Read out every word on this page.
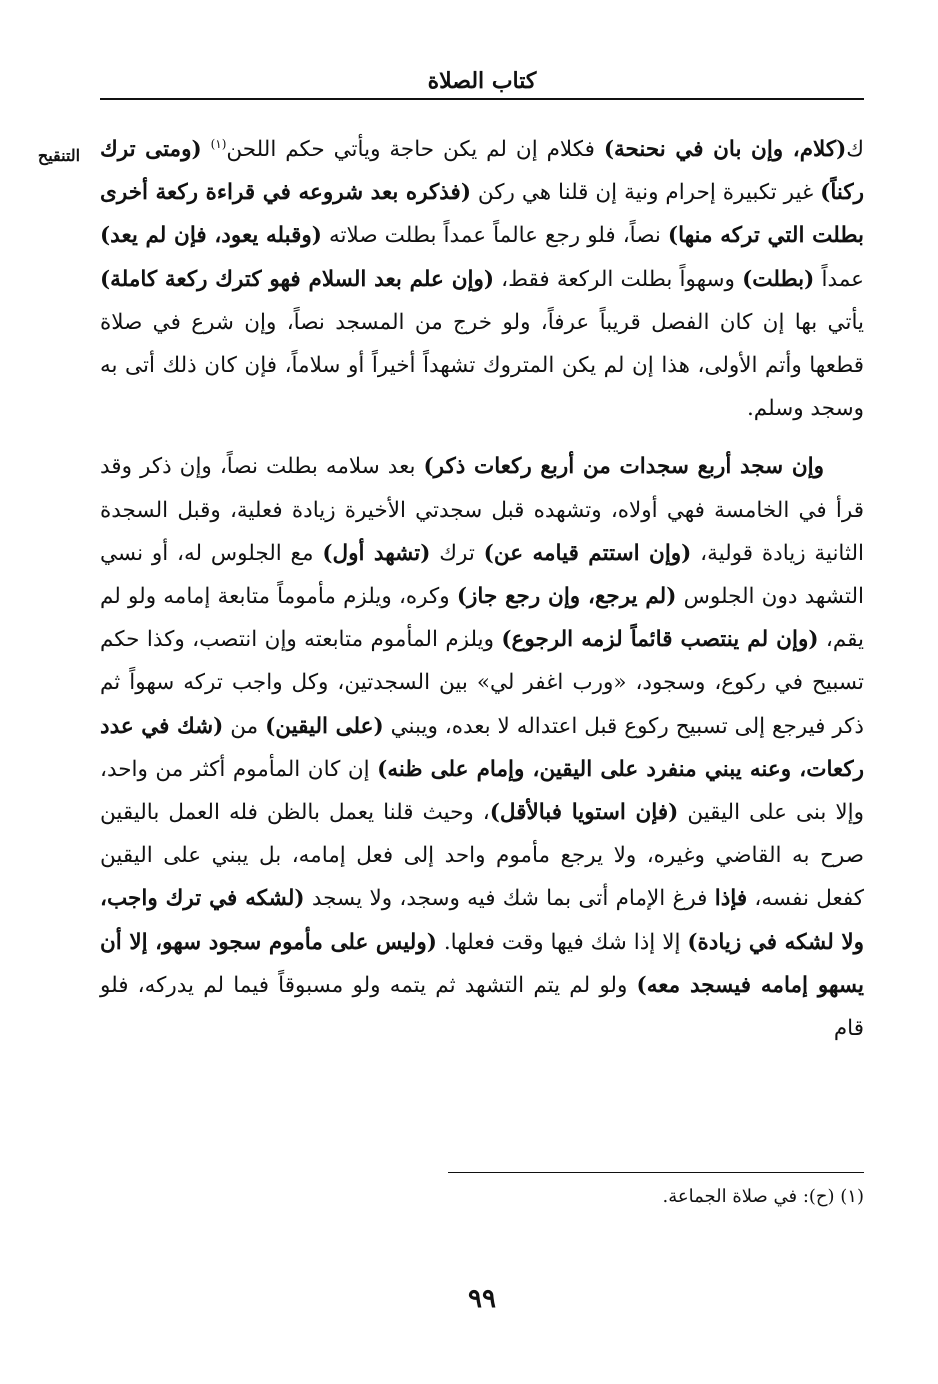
كتاب الصلاة
التنقيح	ك(كلام، وإن بان في نحنحة) فكلام إن لم يكن حاجة ويأتي حكم اللحن$^{(١)}$ (ومتى ترك ركناً) غير تكبيرة إحرام ونية إن قلنا هي ركن (فذكره بعد شروعه في قراءة ركعة أخرى بطلت التي تركه منها) نصاً، فلو رجع عالماً عمداً بطلت صلاته (وقبله يعود، فإن لم يعد) عمداً (بطلت) وسهواً بطلت الركعة فقط، (وإن علم بعد السلام فهو كترك ركعة كاملة) يأتي بها إن كان الفصل قريباً عرفاً، ولو خرج من المسجد نصاً، وإن شرع في صلاة قطعها وأتم الأولى، هذا إن لم يكن المتروك تشهداً أخيراً أو سلاماً، فإن كان ذلك أتى به وسجد وسلم.

وإن سجد أربع سجدات من أربع ركعات ذكر) بعد سلامه بطلت نصاً، وإن ذكر وقد قرأ في الخامسة فهي أولاه، وتشهده قبل سجدتي الأخيرة زيادة فعلية، وقبل السجدة الثانية زيادة قولية، (وإن استتم قيامه عن) ترك (تشهد أول) مع الجلوس له، أو نسي التشهد دون الجلوس (لم يرجع، وإن رجع جاز) وكره، ويلزم مأموماً متابعة إمامه ولو لم يقم، (وإن لم ينتصب قائماً لزمه الرجوع) ويلزم المأموم متابعته وإن انتصب، وكذا حكم تسبيح في ركوع، وسجود، «ورب اغفر لي» بين السجدتين، وكل واجب تركه سهواً ثم ذكر فيرجع إلى تسبيح ركوع قبل اعتداله لا بعده، ويبني (على اليقين) من (شك في عدد ركعات، وعنه يبني منفرد على اليقين، وإمام على ظنه) إن كان المأموم أكثر من واحد، وإلا بنى على اليقين (فإن استويا فبالأقل)، وحيث قلنا يعمل بالظن فله العمل باليقين صرح به القاضي وغيره، ولا يرجع مأموم واحد إلى فعل إمامه، بل يبني على اليقين كفعل نفسه، فإذا فرغ الإمام أتى بما شك فيه وسجد، ولا يسجد (لشكه في ترك واجب، ولا لشكه في زيادة) إلا إذا شك فيها وقت فعلها. (وليس على مأموم سجود سهو، إلا أن يسهو إمامه فيسجد معه) ولو لم يتم التشهد ثم يتمه ولو مسبوقاً فيما لم يدركه، فلو قام

(١) (ح): في صلاة الجماعة.
٩٩
